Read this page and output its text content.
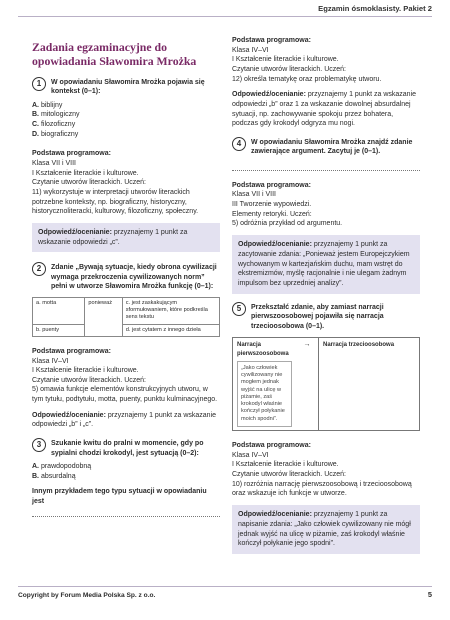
Egzamin ósmoklasisty. Pakiet 2
Zadania egzaminacyjne do opowiadania Sławomira Mrożka
1	W opowiadaniu Sławomira Mrożka pojawia się kontekst (0–1):
A. biblijny
B. mitologiczny
C. filozoficzny
D. biograficzny
Podstawa programowa:
Klasa VII i VIII
I Kształcenie literackie i kulturowe.
Czytanie utworów literackich. Uczeń:
11) wykorzystuje w interpretacji utworów literackich potrzebne konteksty, np. biograficzny, historyczny, historycznoliteracki, kulturowy, filozoficzny, społeczny.
Odpowiedź/ocenianie: przyznajemy 1 punkt za wskazanie odpowiedzi „c”.
2	Zdanie „Bywają sytuacje, kiedy obrona cywilizacji wymaga przekroczenia cywilizowanych norm” pełni w utworze Sławomira Mrożka funkcję (0–1):
a. motta	ponieważ	c. jest zaskakującym sformułowaniem, które podkreśla sens tekstu
b. puenty		d. jest cytatem z innego dzieła
Podstawa programowa:
Klasa IV–VI
I Kształcenie literackie i kulturowe.
Czytanie utworów literackich. Uczeń:
5) omawia funkcje elementów konstrukcyjnych utworu, w tym tytułu, podtytułu, motta, puenty, punktu kulminacyjnego.
Odpowiedź/ocenianie: przyznajemy 1 punkt za wskazanie odpowiedzi „b” i „c”.
3	Szukanie kwitu do pralni w momencie, gdy po sypialni chodzi krokodyl, jest sytuacją (0–2):
A. prawdopodobną
B. absurdalną
Innym przykładem tego typu sytuacji w opowiadaniu jest
Podstawa programowa:
Klasa IV–VI
I Kształcenie literackie i kulturowe.
Czytanie utworów literackich. Uczeń:
12) określa tematykę oraz problematykę utworu.
Odpowiedź/ocenianie: przyznajemy 1 punkt za wskazanie odpowiedzi „b” oraz 1 za wskazanie dowolnej absurdalnej sytuacji, np. zachowywanie spokoju przez bohatera, podczas gdy krokodyl odgryza mu nogi.
4	W opowiadaniu Sławomira Mrożka znajdź zdanie zawierające argument. Zacytuj je (0–1).
Podstawa programowa:
Klasa VII i VIII
III Tworzenie wypowiedzi.
Elementy retoryki. Uczeń:
5) odróżnia przykład od argumentu.
Odpowiedź/ocenianie: przyznajemy 1 punkt za zacytowanie zdania: „Ponieważ jestem Europejczykiem wychowanym w kartezjańskim duchu, mam wstręt do ekstremizmów, myślę racjonalnie i nie ulegam żadnym impulsom bez uprzedniej analizy”.
5	Przekształć zdanie, aby zamiast narracji pierwszoosobowej pojawiła się narracja trzecioosobowa (0–1).
Narracja pierwszoosobowa
„Jako człowiek cywilizowany nie mogłem jednak wyjść na ulicę w piżamie, zaś krokodyl właśnie kończył połykanie moich spodni”.
→	Narracja trzecioosobowa
Podstawa programowa:
Klasa IV–VI
I Kształcenie literackie i kulturowe.
Czytanie utworów literackich. Uczeń:
10) rozróżnia narrację pierwszoosobową i trzecioosobową oraz wskazuje ich funkcje w utworze.
Odpowiedź/ocenianie: przyznajemy 1 punkt za napisanie zdania: „Jako człowiek cywilizowany nie mógł jednak wyjść na ulicę w piżamie, zaś krokodyl właśnie kończył połykanie jego spodni”.
Copyright by Forum Media Polska Sp. z o.o.	5
